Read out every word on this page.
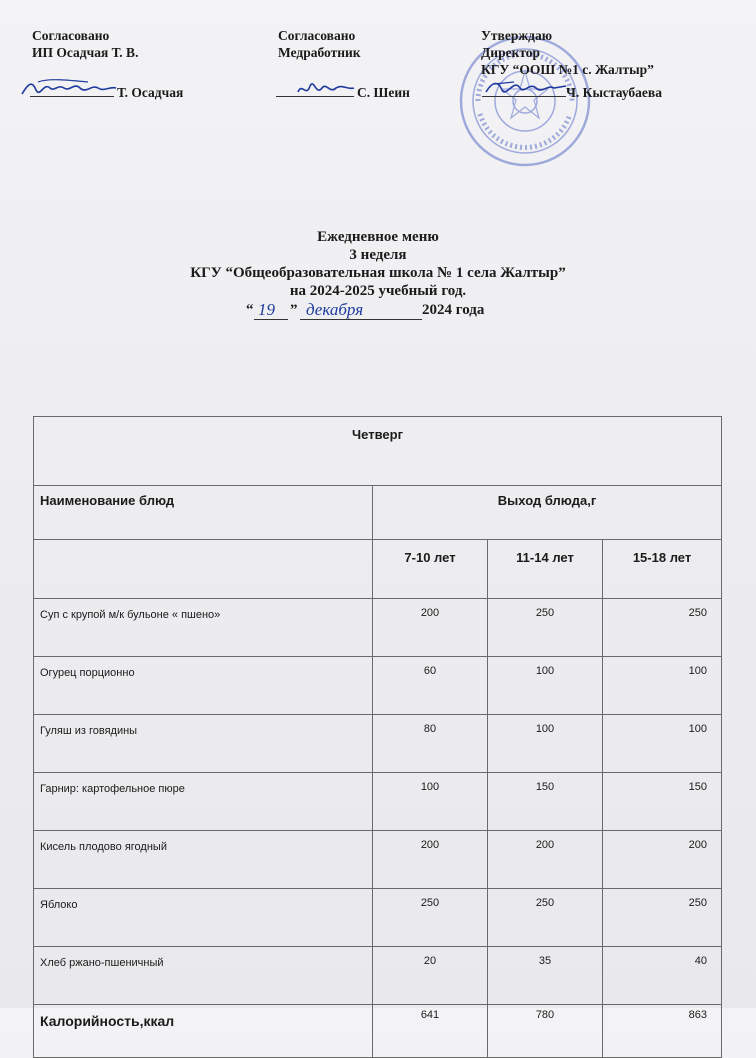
Согласовано
ИП Осадчая Т. В.
Т. Осадчая
Согласовано
Медработник
С. Шеин
Утверждаю
Директор
КГУ “ООШ №1 с. Жалтыр”
Ч. Кыстаубаева
Ежедневное меню
3 неделя
КГУ “Общеобразовательная школа № 1 села Жалтыр”
на 2024-2025 учебный год.
“ 19 ” декабря	2024 года
Четверг			
Наименование блюд	Выход блюда,г		
	7-10 лет	11-14 лет	15-18 лет
Суп с крупой м/к бульоне « пшено»	200	250	250
Огурец порционно	60	100	100
Гуляш из говядины	80	100	100
Гарнир: картофельное пюре	100	150	150
Кисель плодово ягодный	200	200	200
Яблоко	250	250	250
Хлеб ржано-пшеничный	20	35	40
Калорийность,ккал	641	780	863
